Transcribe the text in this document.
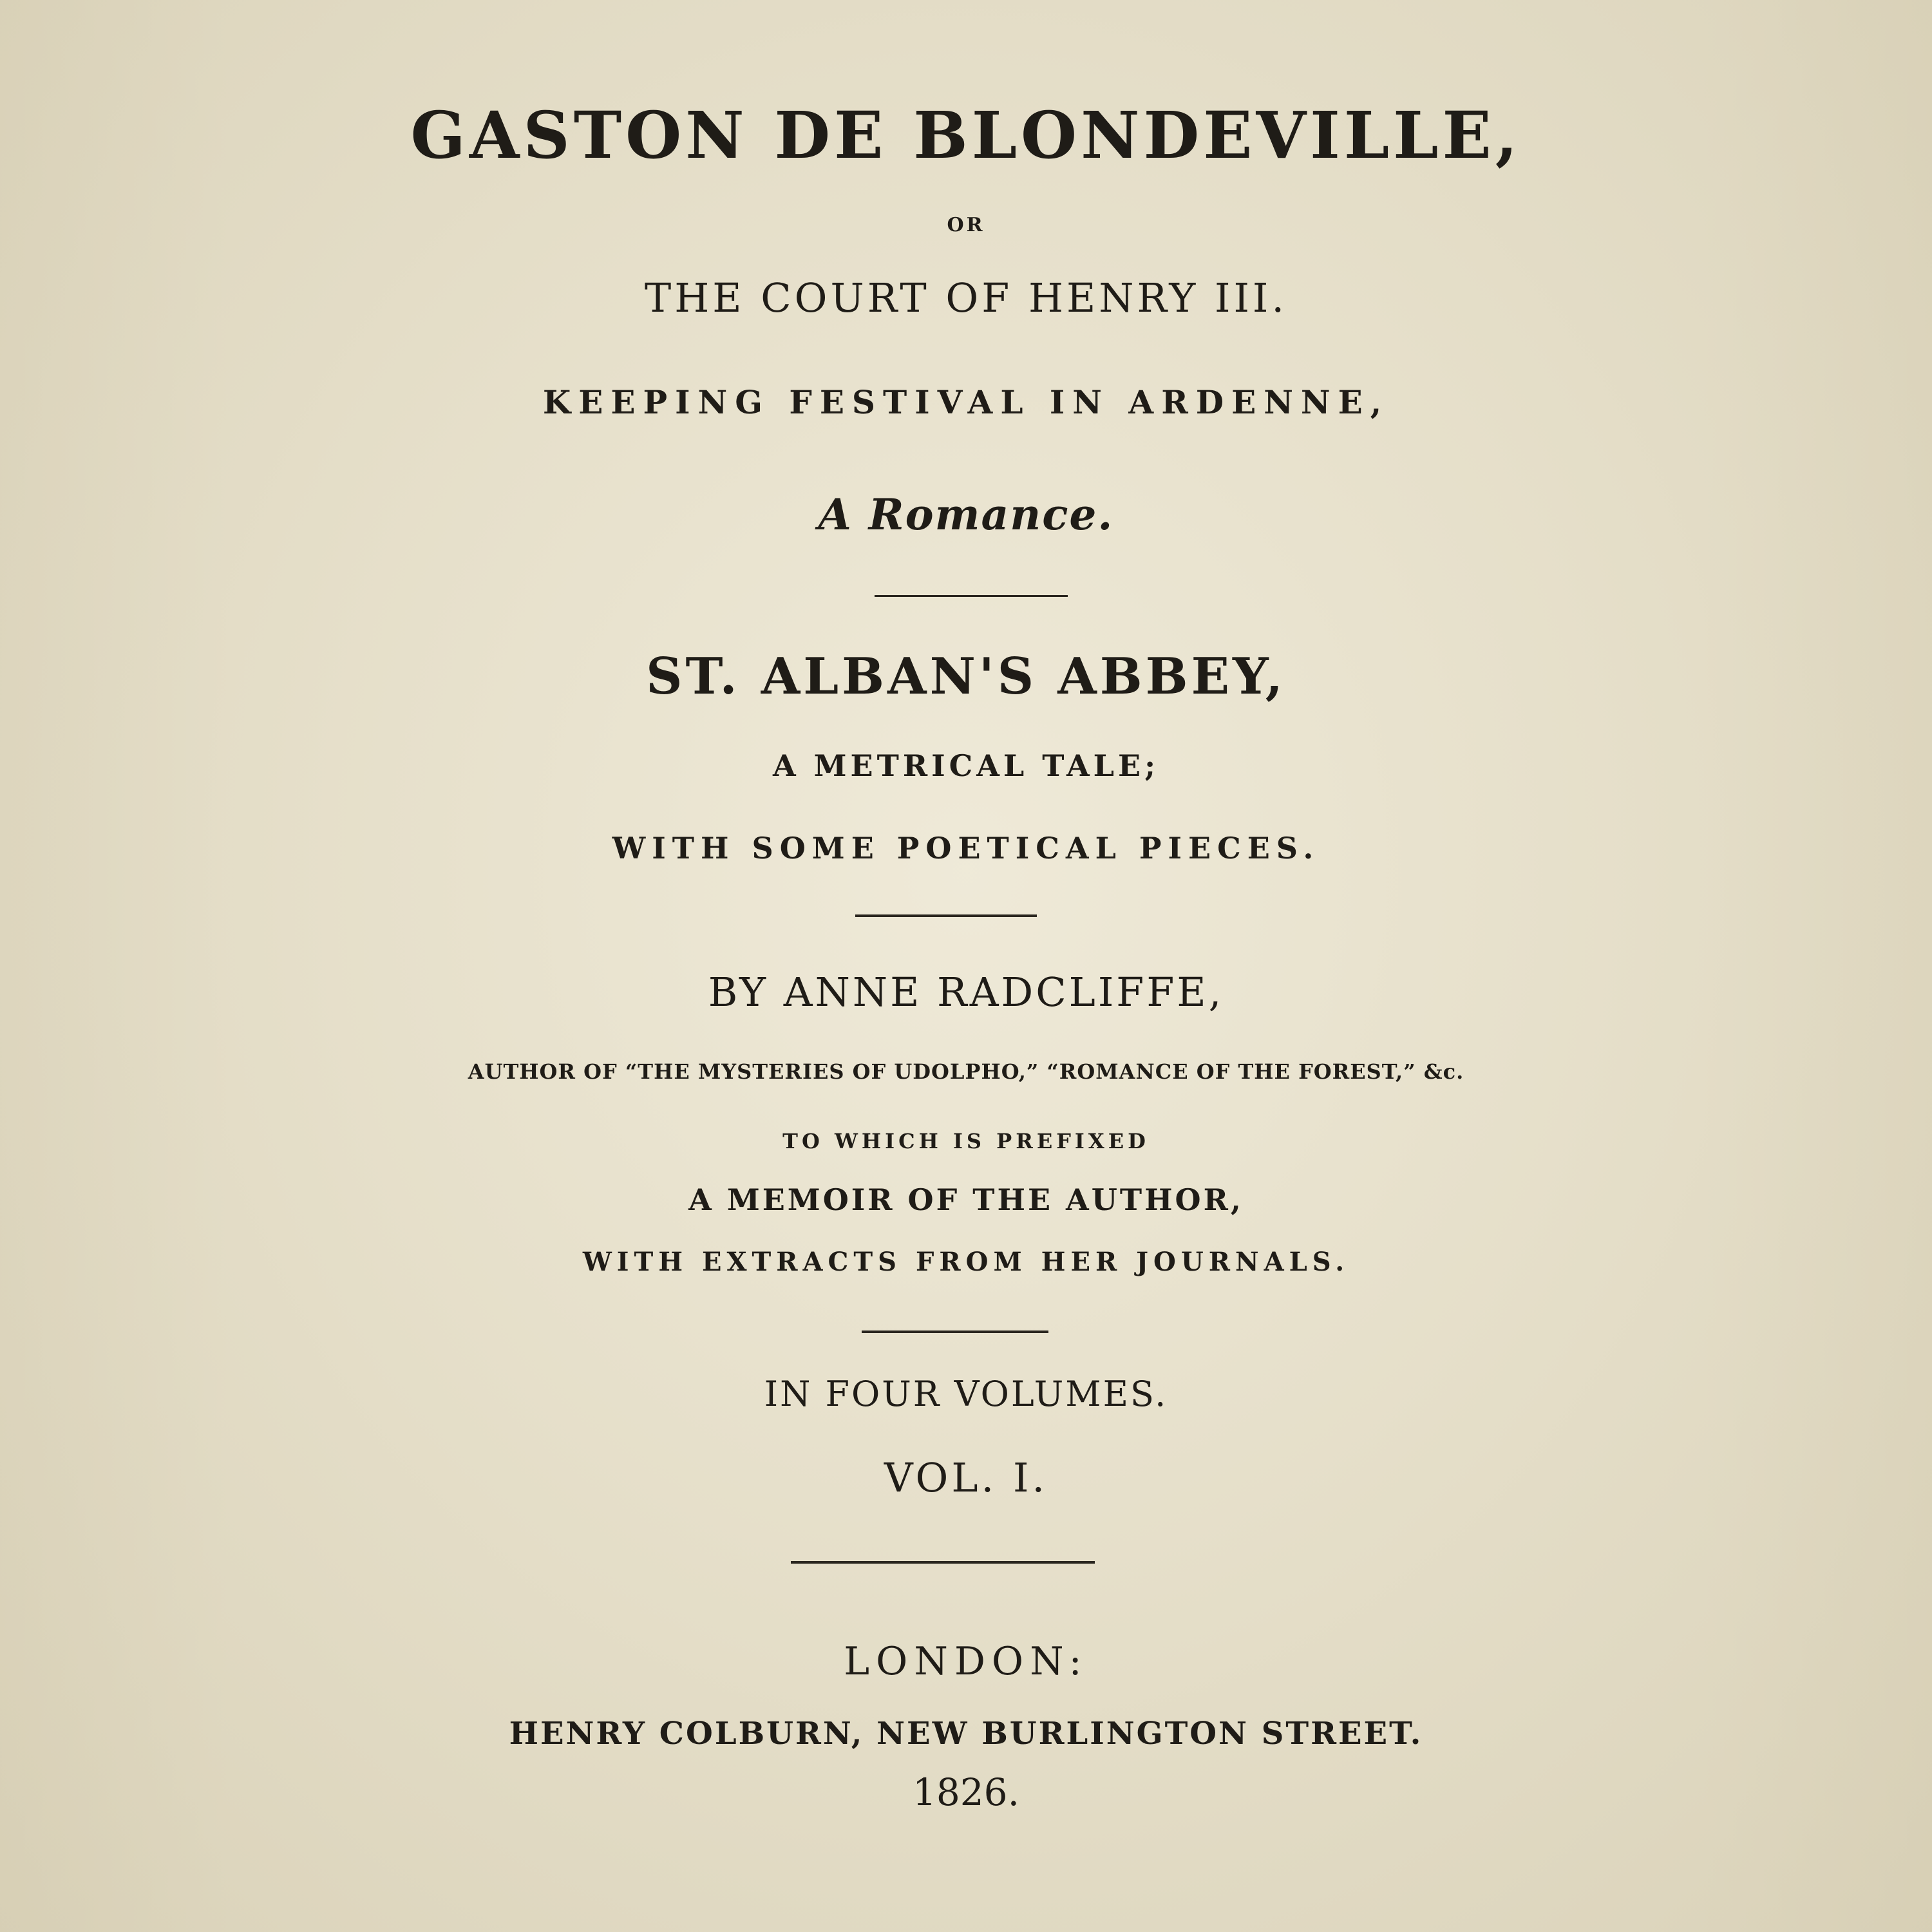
GASTON DE BLONDEVILLE,
OR
THE COURT OF HENRY III.
KEEPING FESTIVAL IN ARDENNE,
A Romance.
ST. ALBAN'S ABBEY,
A METRICAL TALE;
WITH SOME POETICAL PIECES.
BY ANNE RADCLIFFE,
AUTHOR OF “THE MYSTERIES OF UDOLPHO,” “ROMANCE OF THE FOREST,” &c.
TO WHICH IS PREFIXED
A MEMOIR OF THE AUTHOR,
WITH EXTRACTS FROM HER JOURNALS.
IN FOUR VOLUMES.
VOL. I.
LONDON:
HENRY COLBURN, NEW BURLINGTON STREET.
1826.
